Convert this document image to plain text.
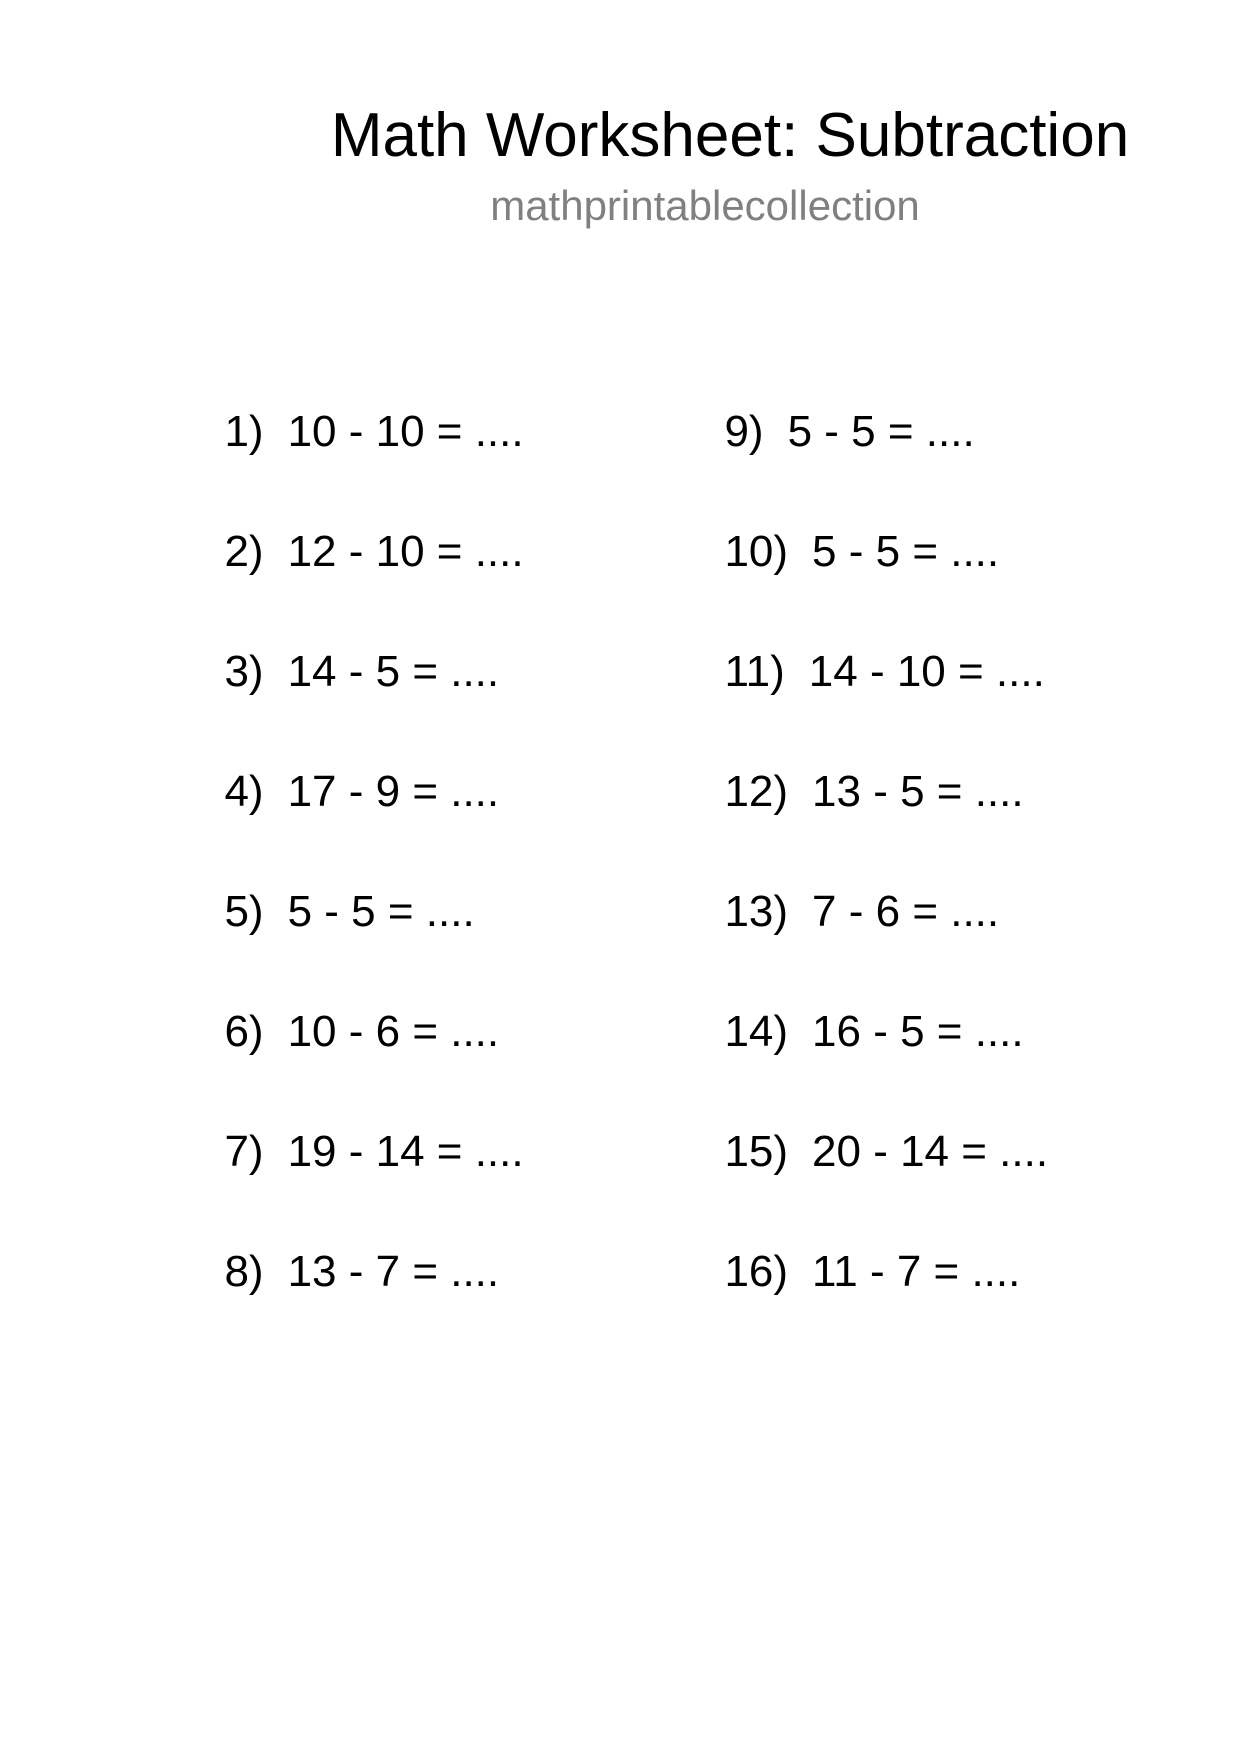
Math Worksheet: Subtraction
mathprintablecollection

1) 10 - 10 = ....

2) 12 - 10 = ....

3) 14 - 5 = ....

4) 17 - 9 = ....

5) 5 - 5 = ....

6) 10 - 6 = ....

7) 19 - 14 = ....

8) 13 - 7 = ....

9) 5 - 5 = ....

10) 5 - 5 = ....

11) 14 - 10 = ....

12) 13 - 5 = ....

13) 7 - 6 = ....

14) 16 - 5 = ....

15) 20 - 14 = ....

16) 11 - 7 = ....
